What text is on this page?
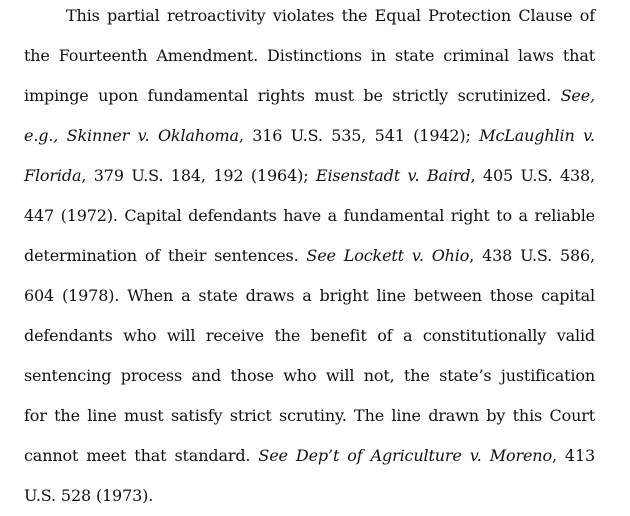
This partial retroactivity violates the Equal Protection Clause of
the Fourteenth Amendment. Distinctions in state criminal laws that
impinge upon fundamental rights must be strictly scrutinized. See,
e.g., Skinner v. Oklahoma, 316 U.S. 535, 541 (1942); McLaughlin v.
Florida, 379 U.S. 184, 192 (1964); Eisenstadt v. Baird, 405 U.S. 438,
447 (1972). Capital defendants have a fundamental right to a reliable
determination of their sentences. See Lockett v. Ohio, 438 U.S. 586,
604 (1978). When a state draws a bright line between those capital
defendants who will receive the benefit of a constitutionally valid
sentencing process and those who will not, the state’s justification
for the line must satisfy strict scrutiny. The line drawn by this Court
cannot meet that standard. See Dep’t of Agriculture v. Moreno, 413
U.S. 528 (1973).
